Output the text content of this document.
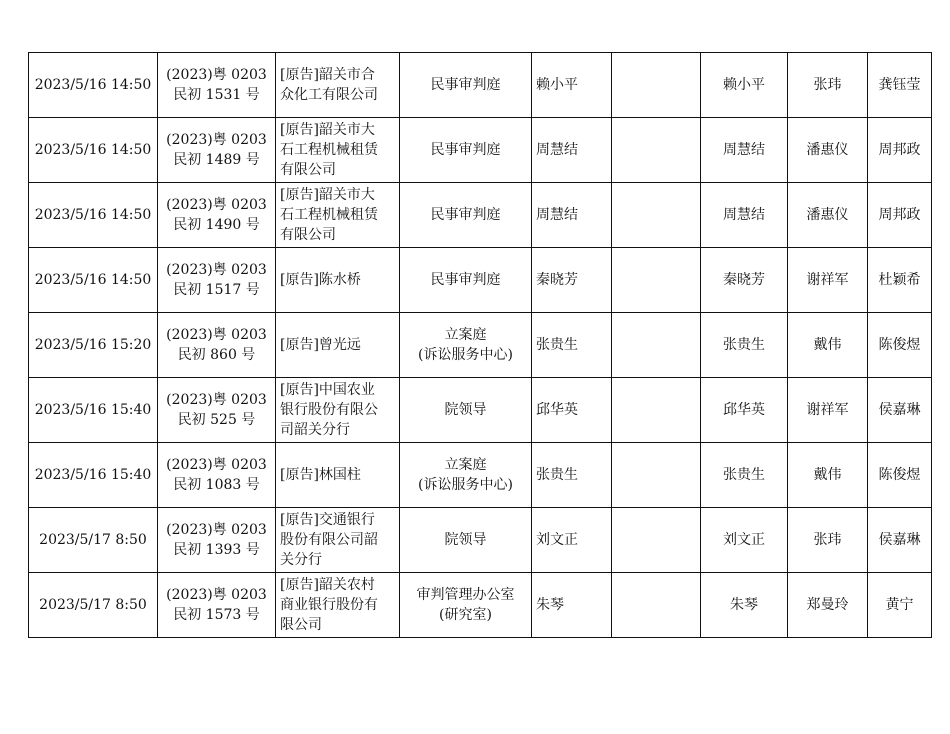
2023/5/16 14:50	(2023)粤 0203
民初 1531 号	[原告]韶关市合
众化工有限公司	民事审判庭	赖小平		赖小平	张玮	龚钰莹
2023/5/16 14:50	(2023)粤 0203
民初 1489 号	[原告]韶关市大
石工程机械租赁
有限公司	民事审判庭	周慧结		周慧结	潘惠仪	周邦政
2023/5/16 14:50	(2023)粤 0203
民初 1490 号	[原告]韶关市大
石工程机械租赁
有限公司	民事审判庭	周慧结		周慧结	潘惠仪	周邦政
2023/5/16 14:50	(2023)粤 0203
民初 1517 号	[原告]陈水桥	民事审判庭	秦晓芳		秦晓芳	谢祥军	杜颖希
2023/5/16 15:20	(2023)粤 0203
民初 860 号	[原告]曾光远	立案庭
(诉讼服务中心)	张贵生		张贵生	戴伟	陈俊煜
2023/5/16 15:40	(2023)粤 0203
民初 525 号	[原告]中国农业
银行股份有限公
司韶关分行	院领导	邱华英		邱华英	谢祥军	侯嘉琳
2023/5/16 15:40	(2023)粤 0203
民初 1083 号	[原告]林国柱	立案庭
(诉讼服务中心)	张贵生		张贵生	戴伟	陈俊煜
2023/5/17 8:50	(2023)粤 0203
民初 1393 号	[原告]交通银行
股份有限公司韶
关分行	院领导	刘文正		刘文正	张玮	侯嘉琳
2023/5/17 8:50	(2023)粤 0203
民初 1573 号	[原告]韶关农村
商业银行股份有
限公司	审判管理办公室
(研究室)	朱琴		朱琴	郑曼玲	黄宁
